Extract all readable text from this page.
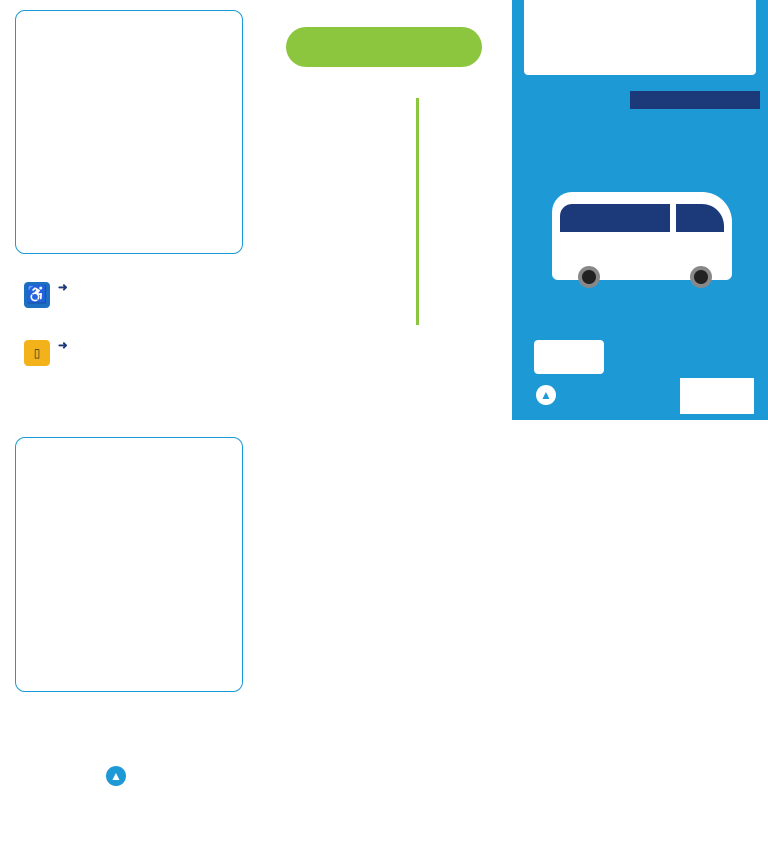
♿ ➜
▯	➜
▲
▲
